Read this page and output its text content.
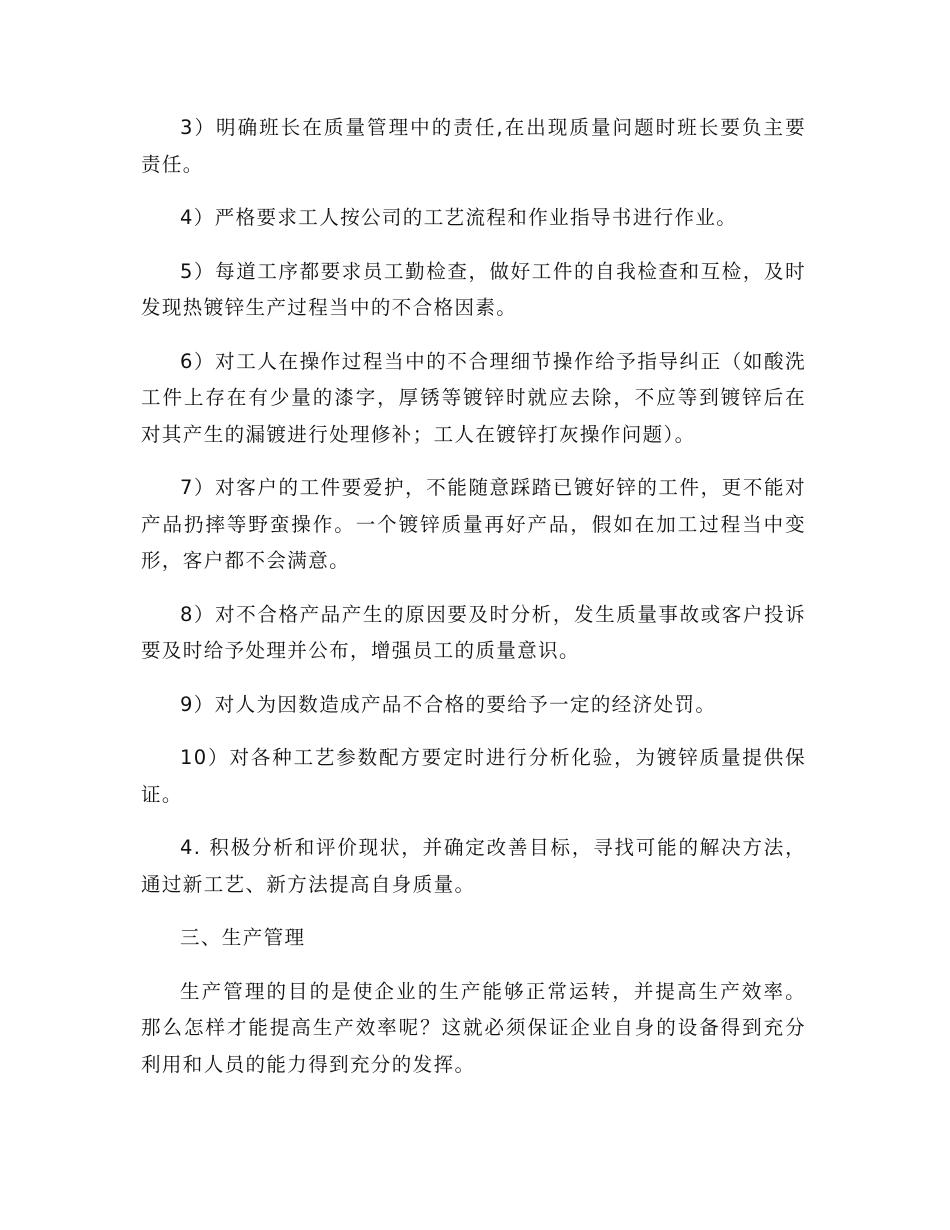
3）明确班长在质量管理中的责任,在出现质量问题时班长要负主要责任。

4）严格要求工人按公司的工艺流程和作业指导书进行作业。

5）每道工序都要求员工勤检查，做好工件的自我检查和互检，及时发现热镀锌生产过程当中的不合格因素。

6）对工人在操作过程当中的不合理细节操作给予指导纠正（如酸洗工件上存在有少量的漆字，厚锈等镀锌时就应去除，不应等到镀锌后在对其产生的漏镀进行处理修补；工人在镀锌打灰操作问题）。

7）对客户的工件要爱护，不能随意踩踏已镀好锌的工件，更不能对产品扔摔等野蛮操作。一个镀锌质量再好产品，假如在加工过程当中变形，客户都不会满意。

8）对不合格产品产生的原因要及时分析，发生质量事故或客户投诉要及时给予处理并公布，增强员工的质量意识。

9）对人为因数造成产品不合格的要给予一定的经济处罚。

10）对各种工艺参数配方要定时进行分析化验，为镀锌质量提供保证。

4. 积极分析和评价现状，并确定改善目标，寻找可能的解决方法，通过新工艺、新方法提高自身质量。

三、生产管理

生产管理的目的是使企业的生产能够正常运转，并提高生产效率。那么怎样才能提高生产效率呢？这就必须保证企业自身的设备得到充分利用和人员的能力得到充分的发挥。
